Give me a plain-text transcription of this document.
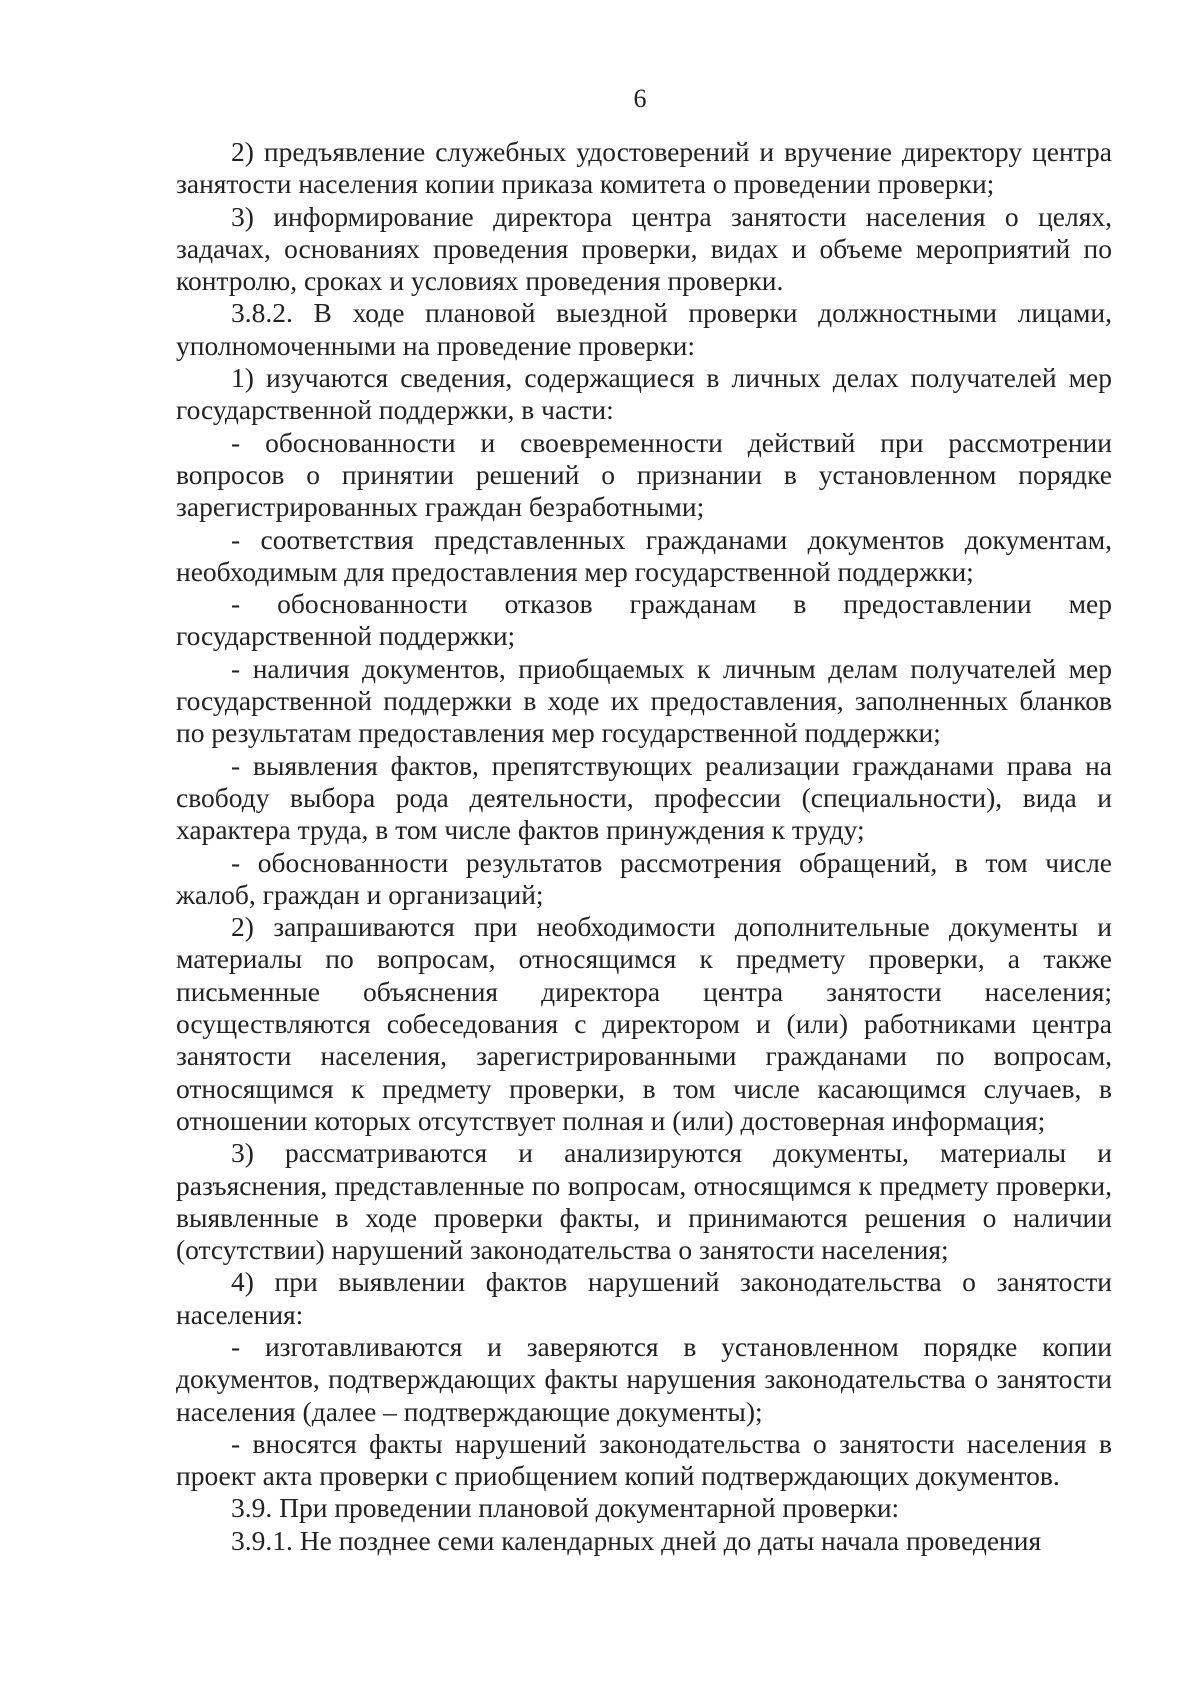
6

2) предъявление служебных удостоверений и вручение директору центра занятости населения копии приказа комитета о проведении проверки;

3) информирование директора центра занятости населения о целях, задачах, основаниях проведения проверки, видах и объеме мероприятий по контролю, сроках и условиях проведения проверки.

3.8.2. В ходе плановой выездной проверки должностными лицами, уполномоченными на проведение проверки:

1) изучаются сведения, содержащиеся в личных делах получателей мер государственной поддержки, в части:

- обоснованности и своевременности действий при рассмотрении вопросов о принятии решений о признании в установленном порядке зарегистрированных граждан безработными;

- соответствия представленных гражданами документов документам, необходимым для предоставления мер государственной поддержки;

- обоснованности отказов гражданам в предоставлении мер государственной поддержки;

- наличия документов, приобщаемых к личным делам получателей мер государственной поддержки в ходе их предоставления, заполненных бланков по результатам предоставления мер государственной поддержки;

- выявления фактов, препятствующих реализации гражданами права на свободу выбора рода деятельности, профессии (специальности), вида и характера труда, в том числе фактов принуждения к труду;

- обоснованности результатов рассмотрения обращений, в том числе жалоб, граждан и организаций;

2) запрашиваются при необходимости дополнительные документы и материалы по вопросам, относящимся к предмету проверки, а также письменные объяснения директора центра занятости населения; осуществляются собеседования с директором и (или) работниками центра занятости населения, зарегистрированными гражданами по вопросам, относящимся к предмету проверки, в том числе касающимся случаев, в отношении которых отсутствует полная и (или) достоверная информация;

3) рассматриваются и анализируются документы, материалы и разъяснения, представленные по вопросам, относящимся к предмету проверки, выявленные в ходе проверки факты, и принимаются решения о наличии (отсутствии) нарушений законодательства о занятости населения;

4) при выявлении фактов нарушений законодательства о занятости населения:

- изготавливаются и заверяются в установленном порядке копии документов, подтверждающих факты нарушения законодательства о занятости населения (далее – подтверждающие документы);

- вносятся факты нарушений законодательства о занятости населения в проект акта проверки с приобщением копий подтверждающих документов.

3.9. При проведении плановой документарной проверки:

3.9.1. Не позднее семи календарных дней до даты начала проведения
